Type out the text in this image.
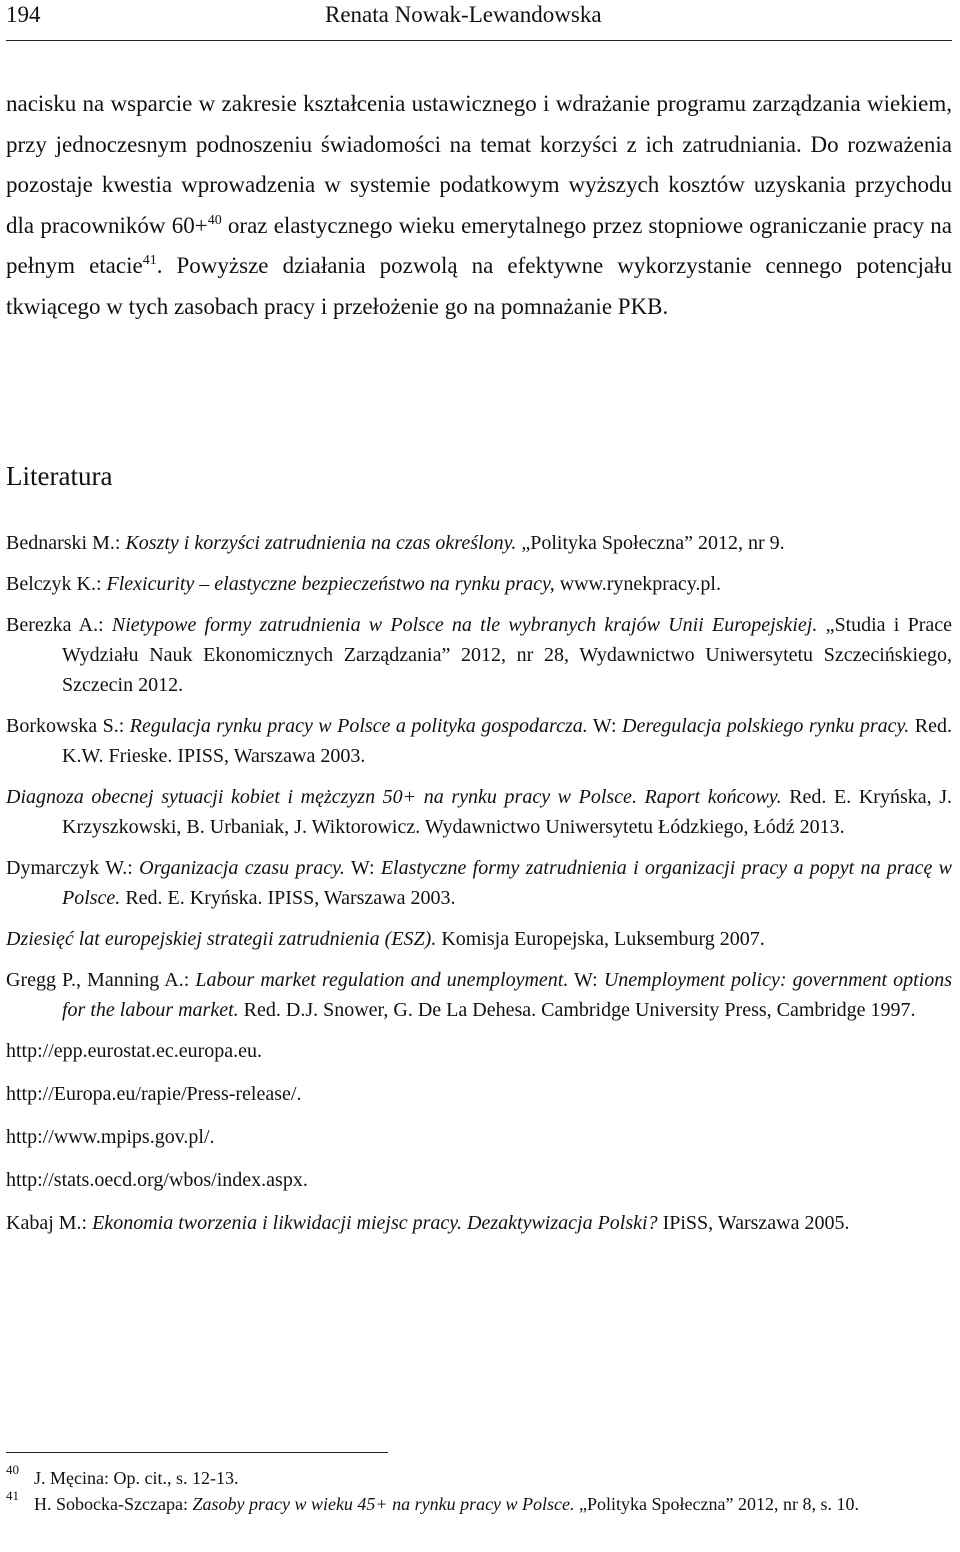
194	Renata Nowak-Lewandowska

nacisku na wsparcie w zakresie kształcenia ustawicznego i wdrażanie programu zarządzania wiekiem, przy jednoczesnym podnoszeniu świadomości na temat korzyści z ich zatrudniania. Do rozważenia pozostaje kwestia wprowadzenia w systemie podatkowym wyższych kosztów uzyskania przychodu dla pracowników 60+$^{40}$ oraz elastycznego wieku emerytalnego przez stopniowe ograniczanie pracy na pełnym etacie$^{41}$. Powyższe działania pozwolą na efektywne wykorzystanie cennego potencjału tkwiącego w tych zasobach pracy i przełożenie go na pomnażanie PKB.

Literatura
Bednarski M.: Koszty i korzyści zatrudnienia na czas określony. „Polityka Społeczna” 2012, nr 9.
Belczyk K.: Flexicurity – elastyczne bezpieczeństwo na rynku pracy, www.rynekpracy.pl.
Berezka A.: Nietypowe formy zatrudnienia w Polsce na tle wybranych krajów Unii Europejskiej. „Studia i Prace Wydziału Nauk Ekonomicznych Zarządzania” 2012, nr 28, Wydawnictwo Uniwersytetu Szczecińskiego, Szczecin 2012.
Borkowska S.: Regulacja rynku pracy w Polsce a polityka gospodarcza. W: Deregulacja polskiego rynku pracy. Red. K.W. Frieske. IPISS, Warszawa 2003.
Diagnoza obecnej sytuacji kobiet i mężczyzn 50+ na rynku pracy w Polsce. Raport końcowy. Red. E. Kryńska, J. Krzyszkowski, B. Urbaniak, J. Wiktorowicz. Wydawnictwo Uniwersytetu Łódzkiego, Łódź 2013.
Dymarczyk W.: Organizacja czasu pracy. W: Elastyczne formy zatrudnienia i organizacji pracy a popyt na pracę w Polsce. Red. E. Kryńska. IPISS, Warszawa 2003.
Dziesięć lat europejskiej strategii zatrudnienia (ESZ). Komisja Europejska, Luksemburg 2007.
Gregg P., Manning A.: Labour market regulation and unemployment. W: Unemployment policy: government options for the labour market. Red. D.J. Snower, G. De La Dehesa. Cambridge University Press, Cambridge 1997.
http://epp.eurostat.ec.europa.eu.
http://Europa.eu/rapie/Press-release/.
http://www.mpips.gov.pl/.
http://stats.oecd.org/wbos/index.aspx.
Kabaj M.: Ekonomia tworzenia i likwidacji miejsc pracy. Dezaktywizacja Polski? IPiSS, Warszawa 2005.
40 J. Męcina: Op. cit., s. 12-13.
41 H. Sobocka-Szczapa: Zasoby pracy w wieku 45+ na rynku pracy w Polsce. „Polityka Społeczna” 2012, nr 8, s. 10.
